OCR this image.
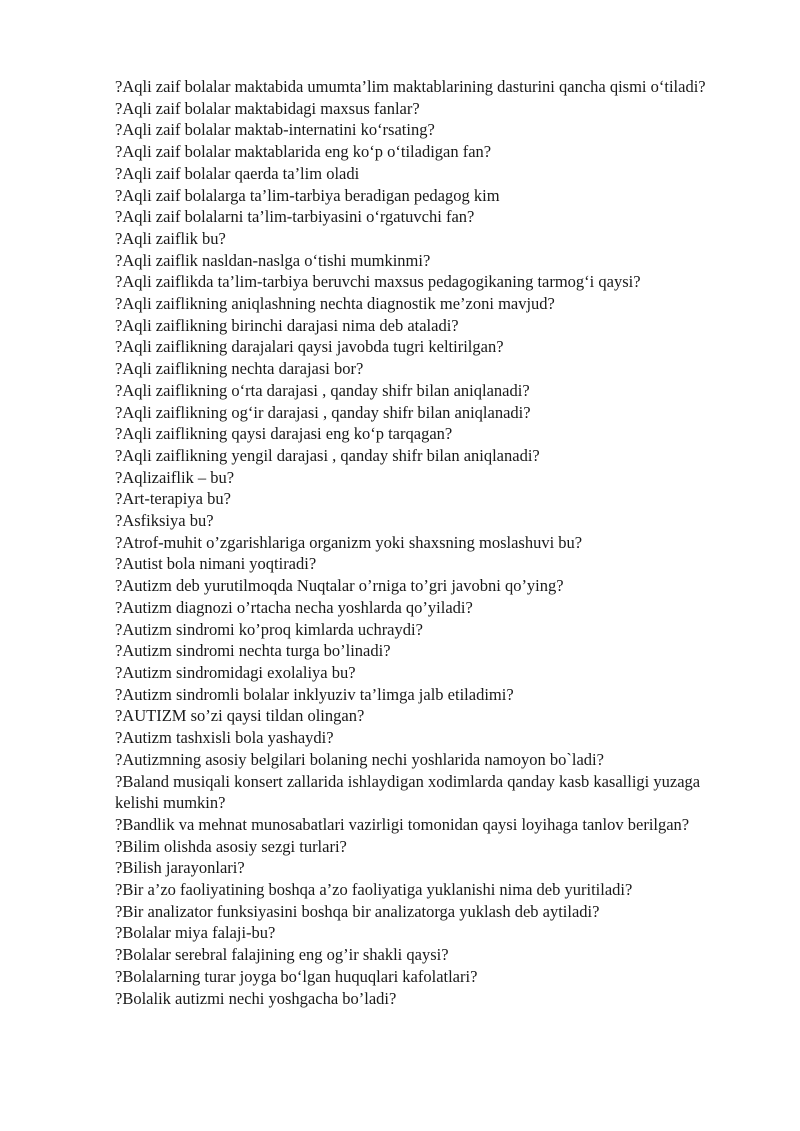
?Aqli zaif bolalar maktabida umumta’lim maktablarining dasturini qancha qismi o‘tiladi?

?Aqli zaif bolalar maktabidagi maxsus fanlar?

?Aqli zaif bolalar maktab-internatini ko‘rsating?

?Aqli zaif bolalar maktablarida eng ko‘p o‘tiladigan fan?

?Aqli zaif bolalar qaerda ta’lim oladi

?Aqli zaif bolalarga ta’lim-tarbiya beradigan pedagog kim

?Aqli zaif bolalarni ta’lim-tarbiyasini o‘rgatuvchi fan?

?Aqli zaiflik bu?

?Aqli zaiflik nasldan-naslga o‘tishi mumkinmi?

?Aqli zaiflikda ta’lim-tarbiya beruvchi maxsus pedagogikaning tarmog‘i qaysi?

?Aqli zaiflikning aniqlashning nechta diagnostik me’zoni mavjud?

?Aqli zaiflikning birinchi darajasi nima deb ataladi?

?Aqli zaiflikning darajalari qaysi javobda tugri keltirilgan?

?Aqli zaiflikning nechta darajasi bor?

?Aqli zaiflikning o‘rta darajasi , qanday shifr bilan aniqlanadi?

?Aqli zaiflikning og‘ir darajasi , qanday shifr bilan aniqlanadi?

?Aqli zaiflikning qaysi darajasi eng ko‘p tarqagan?

?Aqli zaiflikning yengil darajasi , qanday shifr bilan aniqlanadi?

?Aqlizaiflik – bu?

?Art-terapiya bu?

?Asfiksiya bu?

?Atrof-muhit o’zgarishlariga organizm yoki shaxsning moslashuvi bu?

?Autist bola nimani yoqtiradi?

?Autizm deb yurutilmoqda Nuqtalar o’rniga to’gri javobni qo’ying?

?Autizm diagnozi o’rtacha necha yoshlarda qo’yiladi?

?Autizm sindromi ko’proq kimlarda uchraydi?

?Autizm sindromi nechta turga bo’linadi?

?Autizm sindromidagi exolaliya bu?

?Autizm sindromli bolalar inklyuziv ta’limga jalb etiladimi?

?AUTIZM so’zi qaysi tildan olingan?

?Autizm tashxisli bola yashaydi?

?Autizmning asosiy belgilari bolaning nechi yoshlarida namoyon bo`ladi?

?Baland musiqali konsert zallarida ishlaydigan xodimlarda qanday kasb kasalligi yuzaga kelishi mumkin?

?Bandlik va mehnat munosabatlari vazirligi tomonidan qaysi loyihaga tanlov berilgan?

?Bilim olishda asosiy sezgi turlari?

?Bilish jarayonlari?

?Bir a’zo faoliyatining boshqa a’zo faoliyatiga yuklanishi nima deb yuritiladi?

?Bir analizator funksiyasini boshqa bir analizatorga yuklash deb aytiladi?

?Bolalar miya falaji-bu?

?Bolalar serebral falajining eng og’ir shakli qaysi?

?Bolalarning turar joyga bo‘lgan huquqlari kafolatlari?

?Bolalik autizmi nechi yoshgacha bo’ladi?
